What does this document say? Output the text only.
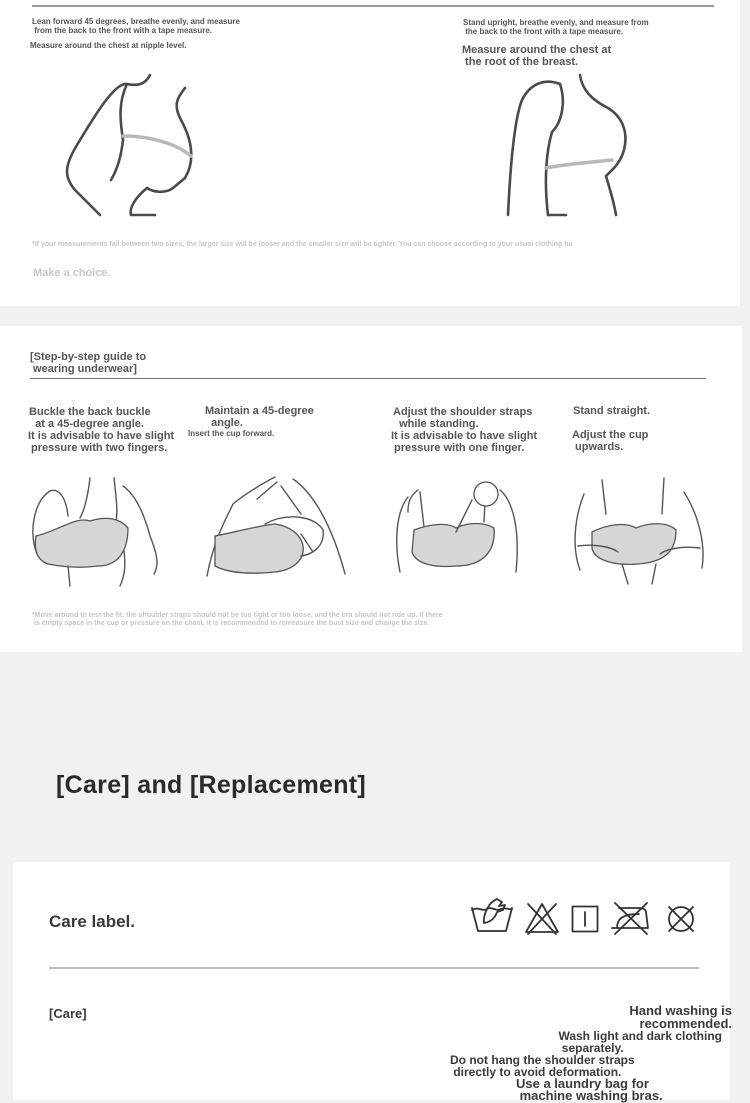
Lean forward 45 degrees, breathe evenly, and measure
from the back to the front with a tape measure.
Measure around the chest at nipple level.
Stand upright, breathe evenly, and measure from
the back to the front with a tape measure.
Measure around the chest at
the root of the breast.
*If your measurements fall between two sizes, the larger size will be looser and the smaller size will be tighter. You can choose according to your usual clothing ha
Make a choice.
[Step-by-step guide to
wearing underwear]
Buckle the back buckle
at a 45-degree angle.
It is advisable to have slight
pressure with two fingers.
Maintain a 45-degree
angle.
Insert the cup forward.
Adjust the shoulder straps
while standing.
It is advisable to have slight
pressure with one finger.
Stand straight.
Adjust the cup
upwards.
*Move around to test the fit, the shoulder straps should not be too tight or too loose, and the bra should not ride up. If there
is empty space in the cup or pressure on the chest, it is recommended to remeasure the bust size and change the size.
[Care] and [Replacement]
Care label.
[Care]	Hand washing is
recommended.
Wash light and dark clothing
separately.
Do not hang the shoulder straps
directly to avoid deformation.
Use a laundry bag for
machine washing bras.
